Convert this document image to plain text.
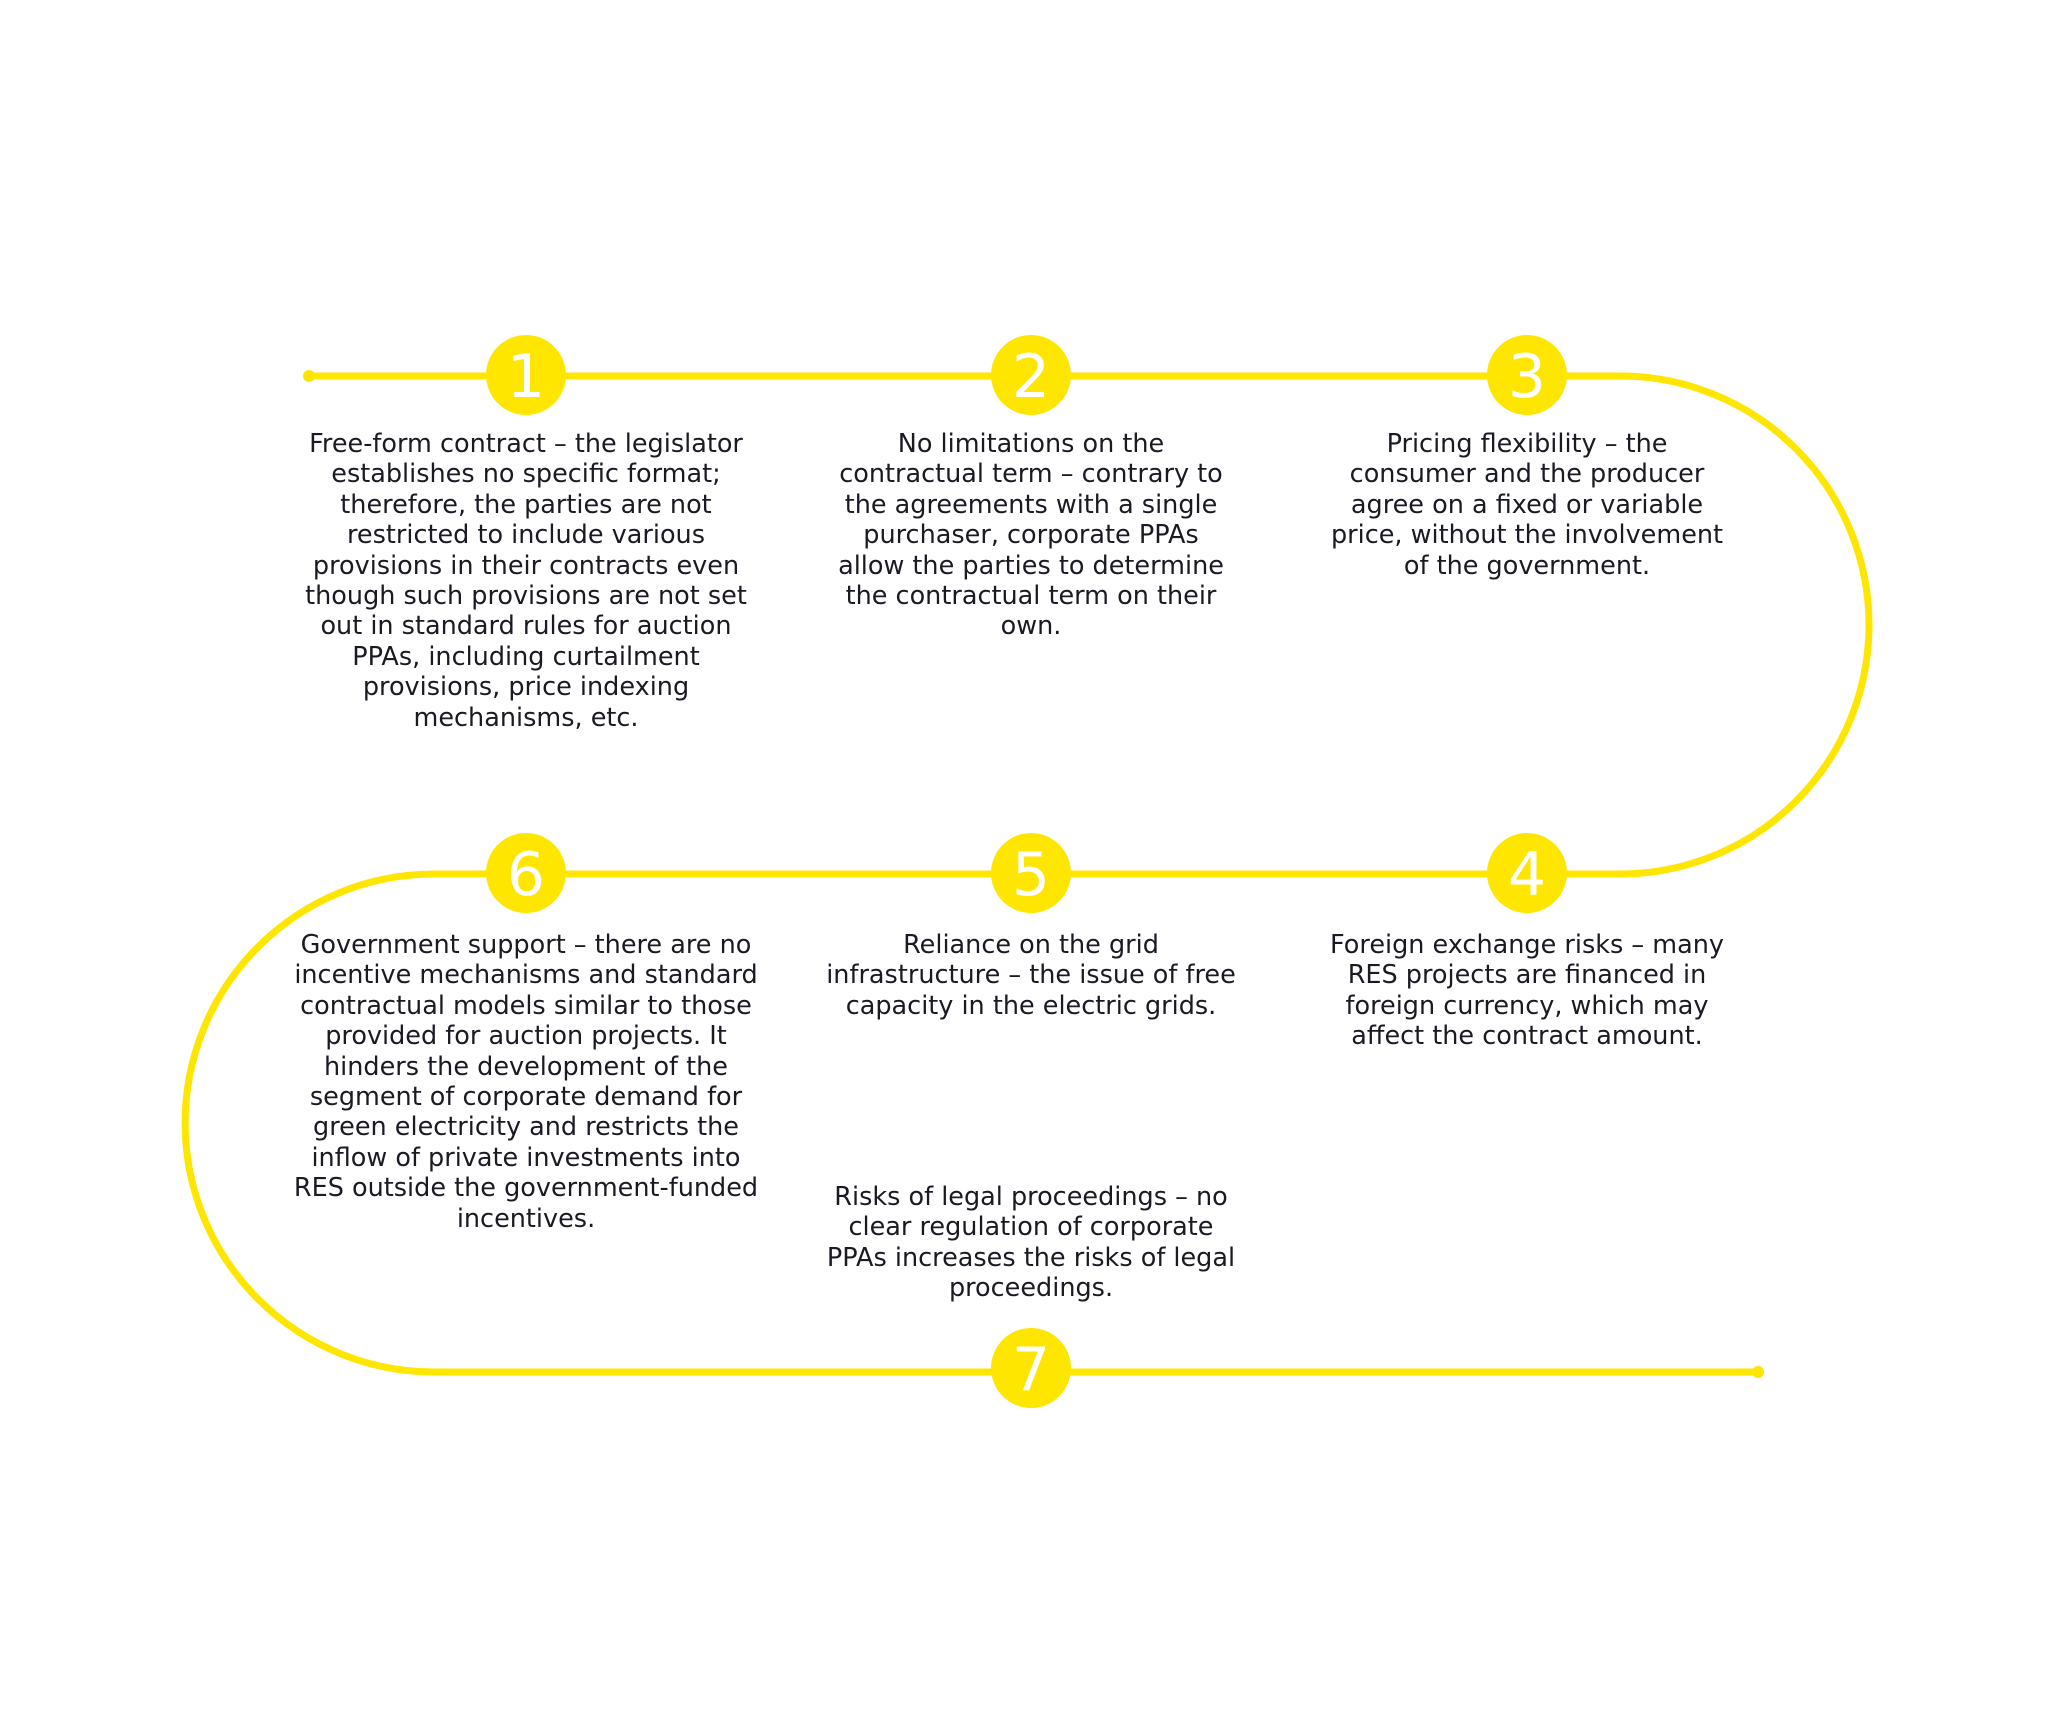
1	2	3
4
5
6
7
Free-form contract – the legislator
establishes no specific format;
therefore, the parties are not
restricted to include various
provisions in their contracts even
though such provisions are not set
out in standard rules for auction
PPAs, including curtailment
provisions, price indexing
mechanisms, etc.
No limitations on the
contractual term – contrary to
the agreements with a single
purchaser, corporate PPAs
allow the parties to determine
the contractual term on their
own.
Pricing flexibility – the
consumer and the producer
agree on a fixed or variable
price, without the involvement
of the government.
Foreign exchange risks – many
RES projects are financed in
foreign currency, which may
affect the contract amount.
Reliance on the grid
infrastructure – the issue of free
capacity in the electric grids.
Government support – there are no
incentive mechanisms and standard
contractual models similar to those
provided for auction projects. It
hinders the development of the
segment of corporate demand for
green electricity and restricts the
inflow of private investments into
RES outside the government-funded
incentives.
Risks of legal proceedings – no
clear regulation of corporate
PPAs increases the risks of legal
proceedings.
